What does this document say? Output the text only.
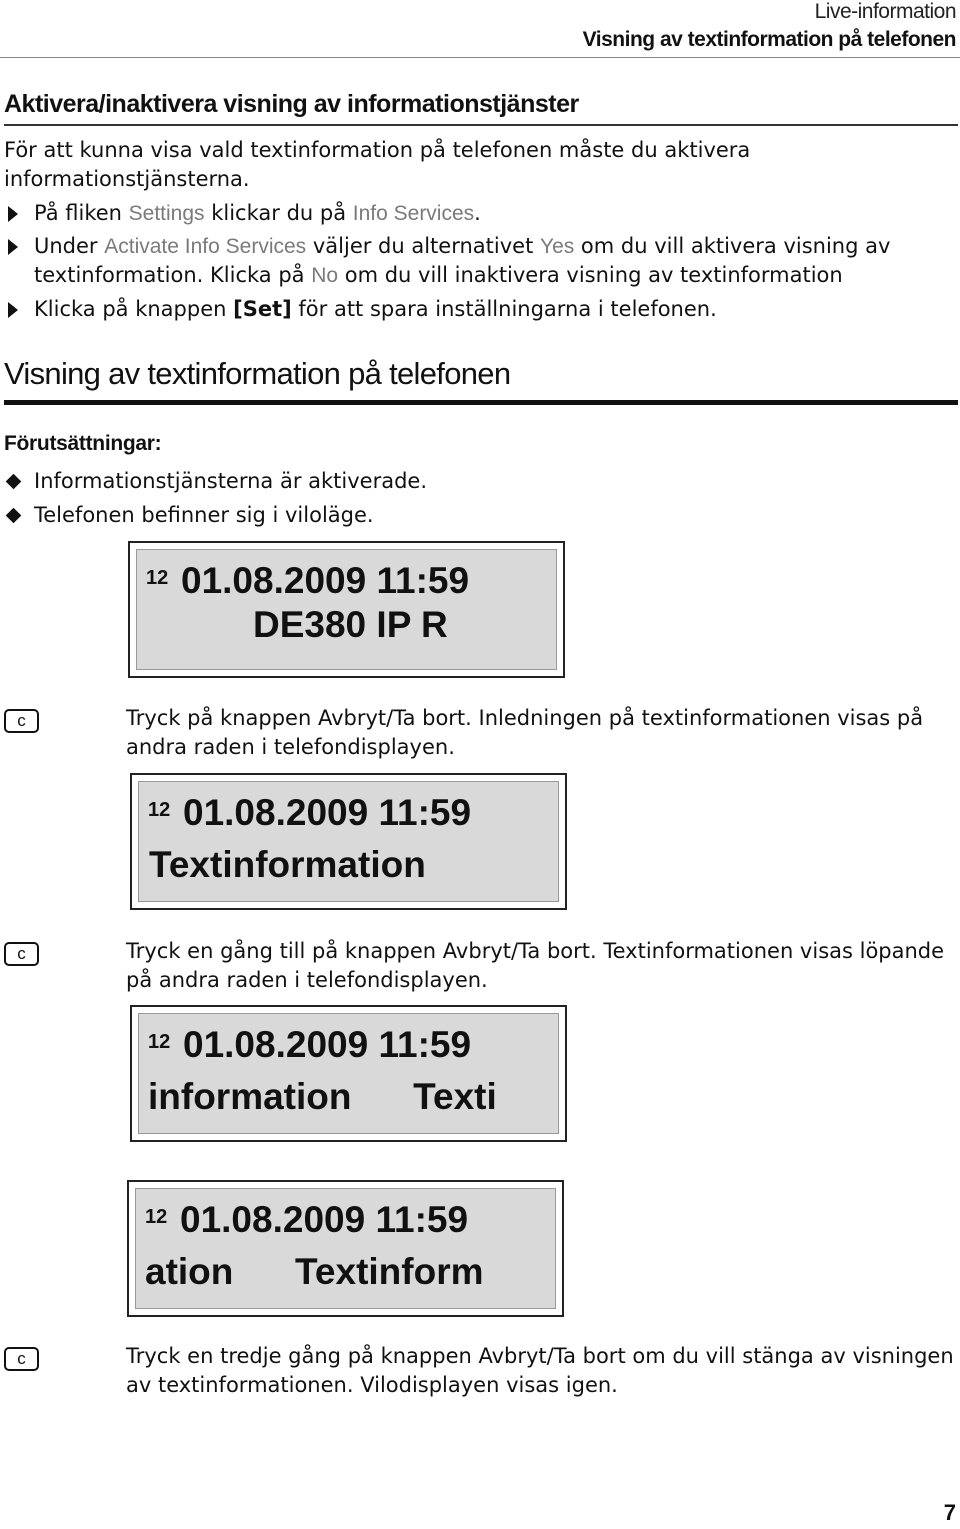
Live-information
Visning av textinformation på telefonen
Aktivera/inaktivera visning av informationstjänster
För att kunna visa vald textinformation på telefonen måste du aktivera informationstjänsterna.
På fliken Settings klickar du på Info Services.
Under Activate Info Services väljer du alternativet Yes om du vill aktivera visning av textinformation. Klicka på No om du vill inaktivera visning av textinformation
Klicka på knappen [Set] för att spara inställningarna i telefonen.
Visning av textinformation på telefonen
Förutsättningar:
Informationstjänsterna är aktiverade.
Telefonen befinner sig i viloläge.
12 01.08.2009 11:59
DE380 IP R
c	Tryck på knappen Avbryt/Ta bort. Inledningen på textinformationen visas på andra raden i telefondisplayen.
12 01.08.2009 11:59
Textinformation
c	Tryck en gång till på knappen Avbryt/Ta bort. Textinformationen visas löpande på andra raden i telefondisplayen.
12 01.08.2009 11:59
information      Texti
12 01.08.2009 11:59
ation      Textinform
c	Tryck en tredje gång på knappen Avbryt/Ta bort om du vill stänga av visningen av textinformationen. Vilodisplayen visas igen.
7
